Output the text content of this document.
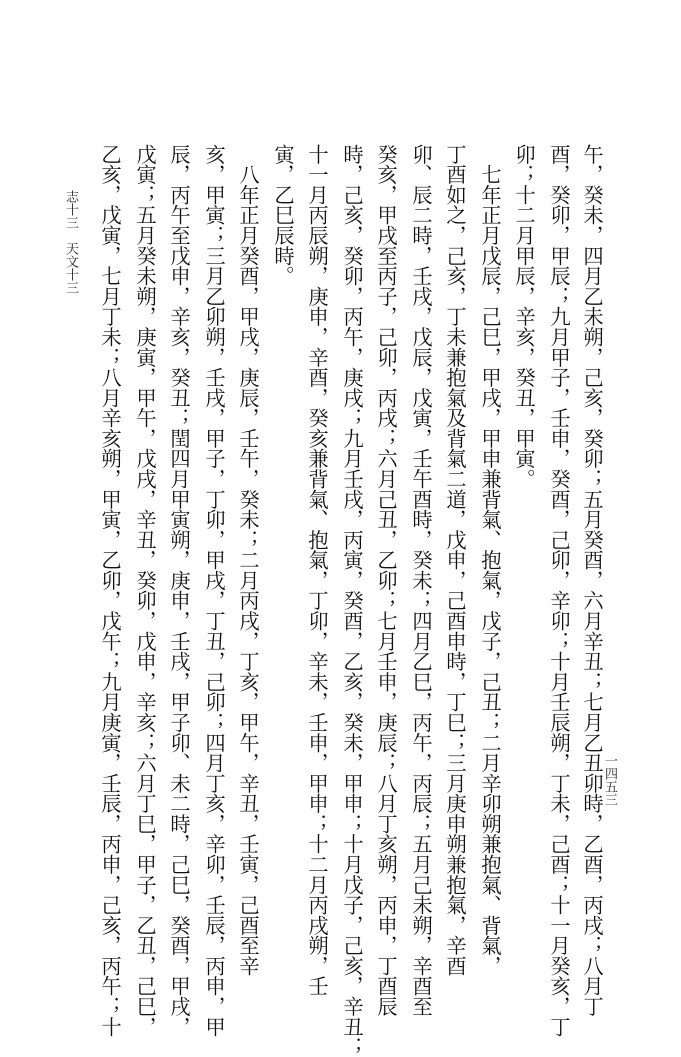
午，癸未，四月乙未朔，己亥，癸卯；五月癸酉，六月辛丑；七月乙丑卯時，乙酉，丙戌；八月丁
酉，癸卯，甲辰；九月甲子，壬申，癸酉，己卯，辛卯；十月壬辰朔，丁未，己酉；十一月癸亥，丁
卯；十二月甲辰，辛亥，癸丑，甲寅。
　七年正月戊辰，己巳，甲戌，甲申兼背氣、抱氣，戊子，己丑；二月辛卯朔兼抱氣、背氣，
丁酉如之，己亥，丁未兼抱氣及背氣二道，戊申，己酉申時，丁巳；三月庚申朔兼抱氣，辛酉
卯、辰二時，壬戌，戊辰，戊寅，壬午酉時，癸未；四月乙巳，丙午，丙辰；五月己未朔，辛酉至
癸亥，甲戌至丙子，己卯，丙戌；六月己丑，乙卯；七月壬申，庚辰；八月丁亥朔，丙申，丁酉辰
時，己亥，癸卯，丙午，庚戌；九月壬戌，丙寅，癸酉，乙亥，癸未，甲申；十月戊子，己亥，辛丑；
十一月丙辰朔，庚申，辛酉，癸亥兼背氣、抱氣，丁卯，辛未，壬申，甲申；十二月丙戌朔，壬
寅，乙巳辰時。
　八年正月癸酉，甲戌，庚辰，壬午，癸未；二月丙戌，丁亥，甲午，辛丑，壬寅，己酉至辛
亥，甲寅；三月乙卯朔，壬戌，甲子，丁卯，甲戌，丁丑，己卯；四月丁亥，辛卯，壬辰，丙申，甲
辰，丙午至戊申，辛亥，癸丑；閏四月甲寅朔，庚申，壬戌，甲子卯、未二時，己巳，癸酉，甲戌，
戊寅；五月癸未朔，庚寅，甲午，戊戌，辛丑，癸卯，戊申，辛亥；六月丁巳，甲子，乙丑，己巳，
乙亥，戊寅，七月丁未；八月辛亥朔，甲寅，乙卯，戊午；九月庚寅，壬辰，丙申，己亥，丙午；十
志十三　天文十三
一四五三
